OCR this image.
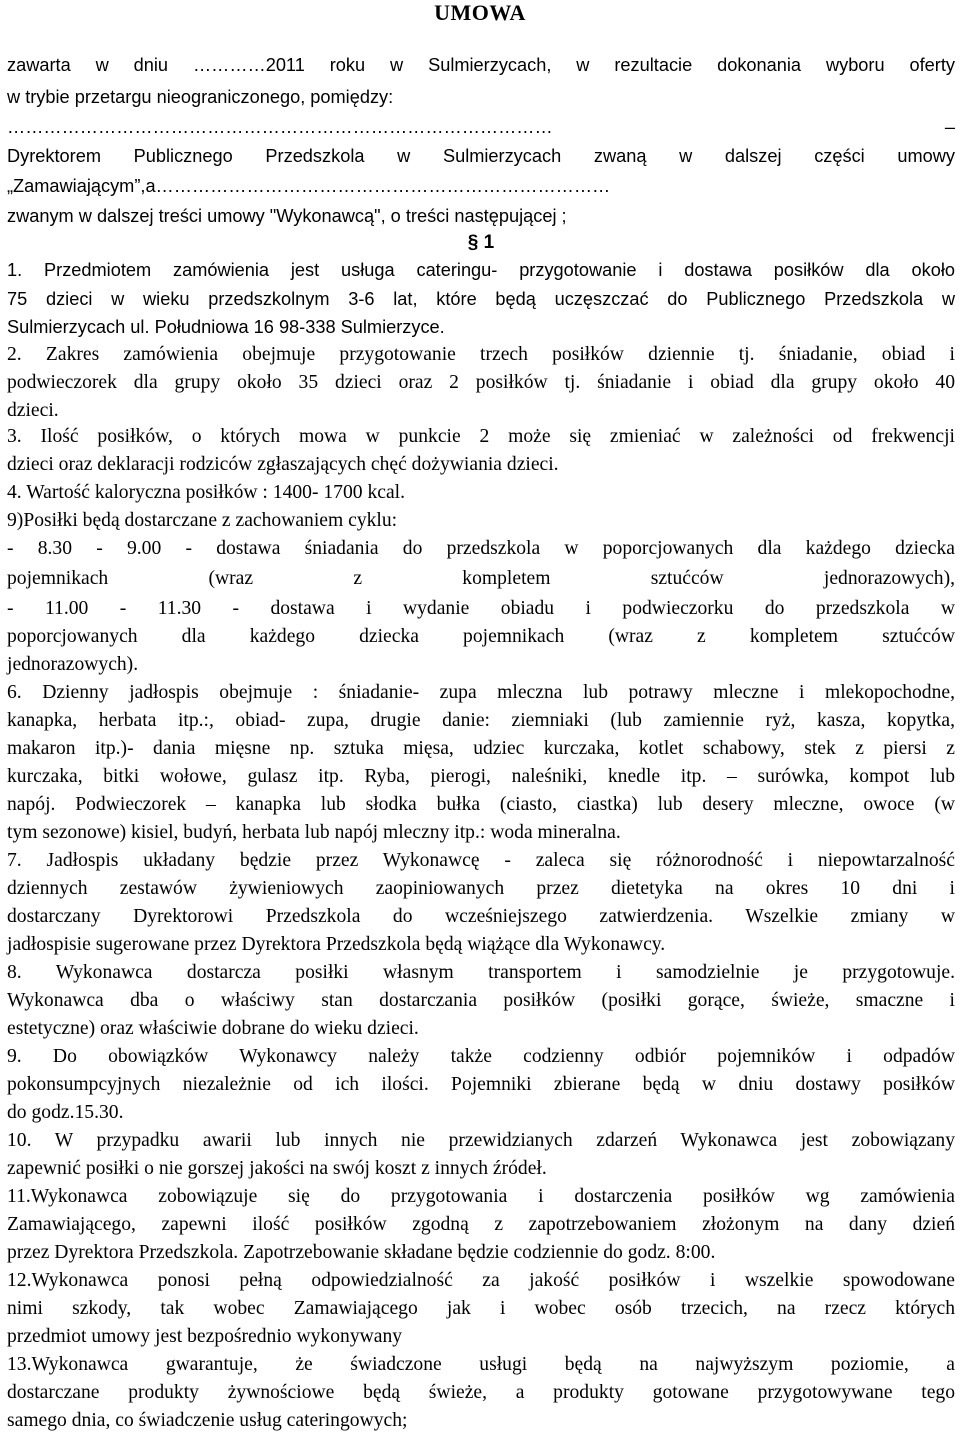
UMOWA
zawarta w dniu …………2011 roku w Sulmierzycach, w rezultacie dokonania wyboru oferty
w trybie przetargu nieograniczonego, pomiędzy:
……………………………………………………………………………… –
Dyrektorem Publicznego Przedszkola w Sulmierzycach zwaną w dalszej części umowy
„Zamawiającym”,a…………………………………………………………………
zwanym w dalszej treści umowy "Wykonawcą", o treści następującej ;
1. Przedmiotem zamówienia jest usługa cateringu- przygotowanie i dostawa posiłków dla około
75 dzieci w wieku przedszkolnym 3-6 lat, które będą uczęszczać do Publicznego Przedszkola w
Sulmierzycach ul. Południowa 16 98-338 Sulmierzyce.
2. Zakres zamówienia obejmuje przygotowanie trzech posiłków dziennie tj. śniadanie, obiad i
podwieczorek dla grupy około 35 dzieci oraz 2 posiłków tj. śniadanie i obiad dla grupy około 40
dzieci.
3. Ilość posiłków, o których mowa w punkcie 2 może się zmieniać w zależności od frekwencji
dzieci oraz deklaracji rodziców zgłaszających chęć dożywiania dzieci.
4. Wartość kaloryczna posiłków : 1400- 1700 kcal.
9)Posiłki będą dostarczane z zachowaniem cyklu:
- 8.30 - 9.00 - dostawa śniadania do przedszkola w poporcjowanych dla każdego dziecka
pojemnikach (wraz z kompletem sztućców jednorazowych),
- 11.00 - 11.30 - dostawa i wydanie obiadu i podwieczorku do przedszkola w
poporcjowanych dla każdego dziecka pojemnikach (wraz z kompletem sztućców
jednorazowych).
6. Dzienny jadłospis obejmuje : śniadanie- zupa mleczna lub potrawy mleczne i mlekopochodne,
kanapka, herbata itp.:, obiad- zupa, drugie danie: ziemniaki (lub zamiennie ryż, kasza, kopytka,
makaron itp.)- dania mięsne np. sztuka mięsa, udziec kurczaka, kotlet schabowy, stek z piersi z
kurczaka, bitki wołowe, gulasz itp. Ryba, pierogi, naleśniki, knedle itp. – surówka, kompot lub
napój. Podwieczorek – kanapka lub słodka bułka (ciasto, ciastka) lub desery mleczne, owoce (w
tym sezonowe) kisiel, budyń, herbata lub napój mleczny itp.: woda mineralna.
7. Jadłospis układany będzie przez Wykonawcę - zaleca się różnorodność i niepowtarzalność
dziennych zestawów żywieniowych zaopiniowanych przez dietetyka na okres 10 dni i
dostarczany Dyrektorowi Przedszkola do wcześniejszego zatwierdzenia. Wszelkie zmiany w
jadłospisie sugerowane przez Dyrektora Przedszkola będą wiążące dla Wykonawcy.
8. Wykonawca dostarcza posiłki własnym transportem i samodzielnie je przygotowuje.
Wykonawca dba o właściwy stan dostarczania posiłków (posiłki gorące, świeże, smaczne i
estetyczne) oraz właściwie dobrane do wieku dzieci.
9. Do obowiązków Wykonawcy należy także codzienny odbiór pojemników i odpadów
pokonsumpcyjnych niezależnie od ich ilości. Pojemniki zbierane będą w dniu dostawy posiłków
do godz.15.30.
10. W przypadku awarii lub innych nie przewidzianych zdarzeń Wykonawca jest zobowiązany
zapewnić posiłki o nie gorszej jakości na swój koszt z innych źródeł.
11.Wykonawca zobowiązuje się do przygotowania i dostarczenia posiłków wg zamówienia
Zamawiającego, zapewni ilość posiłków zgodną z zapotrzebowaniem złożonym na dany dzień
przez Dyrektora Przedszkola. Zapotrzebowanie składane będzie codziennie do godz. 8:00.
12.Wykonawca ponosi pełną odpowiedzialność za jakość posiłków i wszelkie spowodowane
nimi szkody, tak wobec Zamawiającego jak i wobec osób trzecich, na rzecz których
przedmiot umowy jest bezpośrednio wykonywany
13.Wykonawca gwarantuje, że świadczone usługi będą na najwyższym poziomie, a
dostarczane produkty żywnościowe będą świeże, a produkty gotowane przygotowywane tego
samego dnia, co świadczenie usług cateringowych;
§ 1
